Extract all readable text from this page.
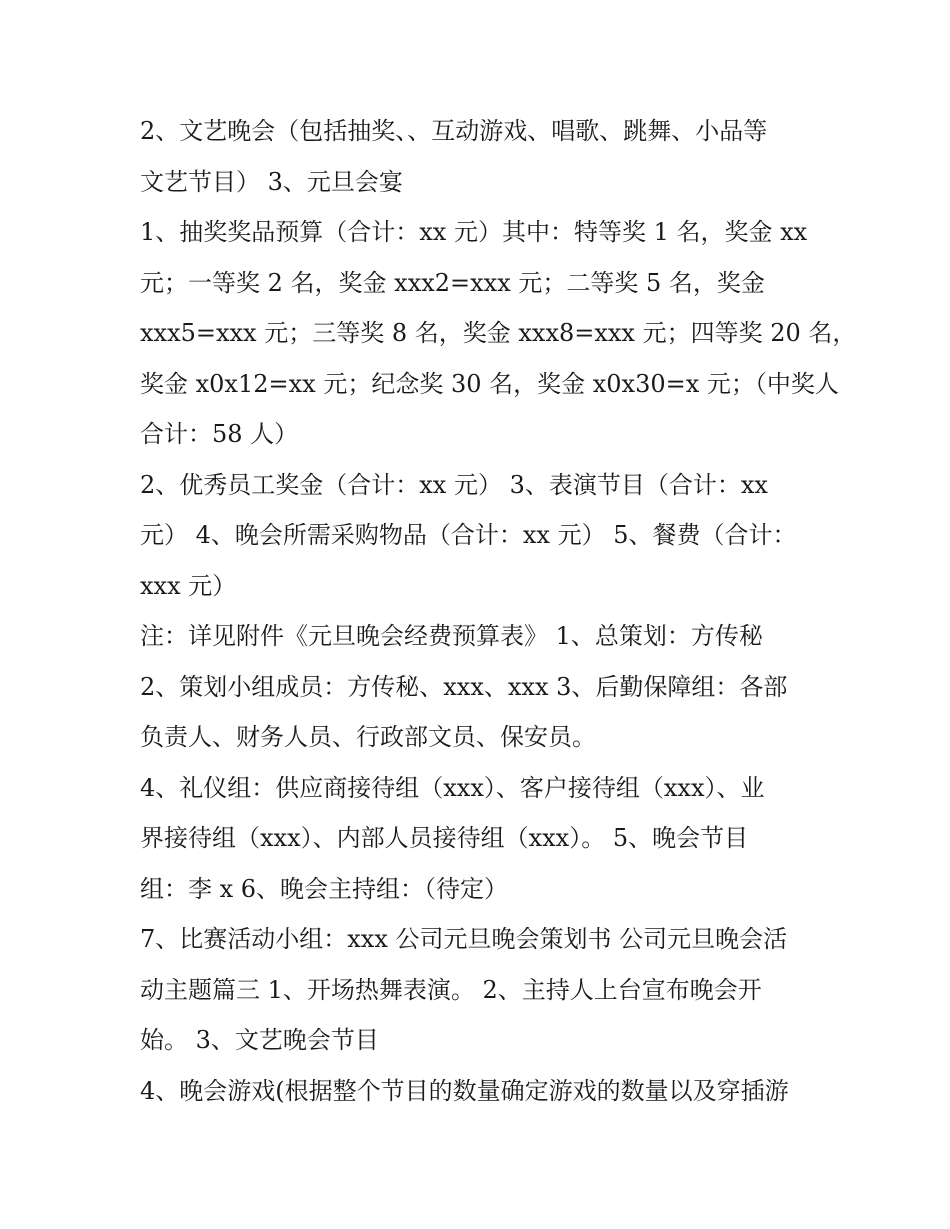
2、文艺晚会（包括抽奖、、互动游戏、唱歌、跳舞、小品等
文艺节目） 3、元旦会宴
1、抽奖奖品预算（合计：xx 元）其中：特等奖 1 名，奖金 xx
元；一等奖 2 名，奖金 xxx2=xxx 元；二等奖 5 名，奖金
xxx5=xxx 元；三等奖 8 名，奖金 xxx8=xxx 元；四等奖 20 名，
奖金 x0x12=xx 元；纪念奖 30 名，奖金 x0x30=x 元；（中奖人
合计：58 人）
2、优秀员工奖金（合计：xx 元） 3、表演节目（合计：xx
元） 4、晚会所需采购物品（合计：xx 元） 5、餐费（合计：
xxx 元）
注：详见附件《元旦晚会经费预算表》 1、总策划：方传秘
2、策划小组成员：方传秘、xxx、xxx 3、后勤保障组：各部
负责人、财务人员、行政部文员、保安员。
4、礼仪组：供应商接待组（xxx）、客户接待组（xxx）、业
界接待组（xxx）、内部人员接待组（xxx）。 5、晚会节目
组：李 x 6、晚会主持组：（待定）
7、比赛活动小组：xxx 公司元旦晚会策划书 公司元旦晚会活
动主题篇三 1、开场热舞表演。 2、主持人上台宣布晚会开
始。 3、文艺晚会节目
4、晚会游戏(根据整个节目的数量确定游戏的数量以及穿插游
